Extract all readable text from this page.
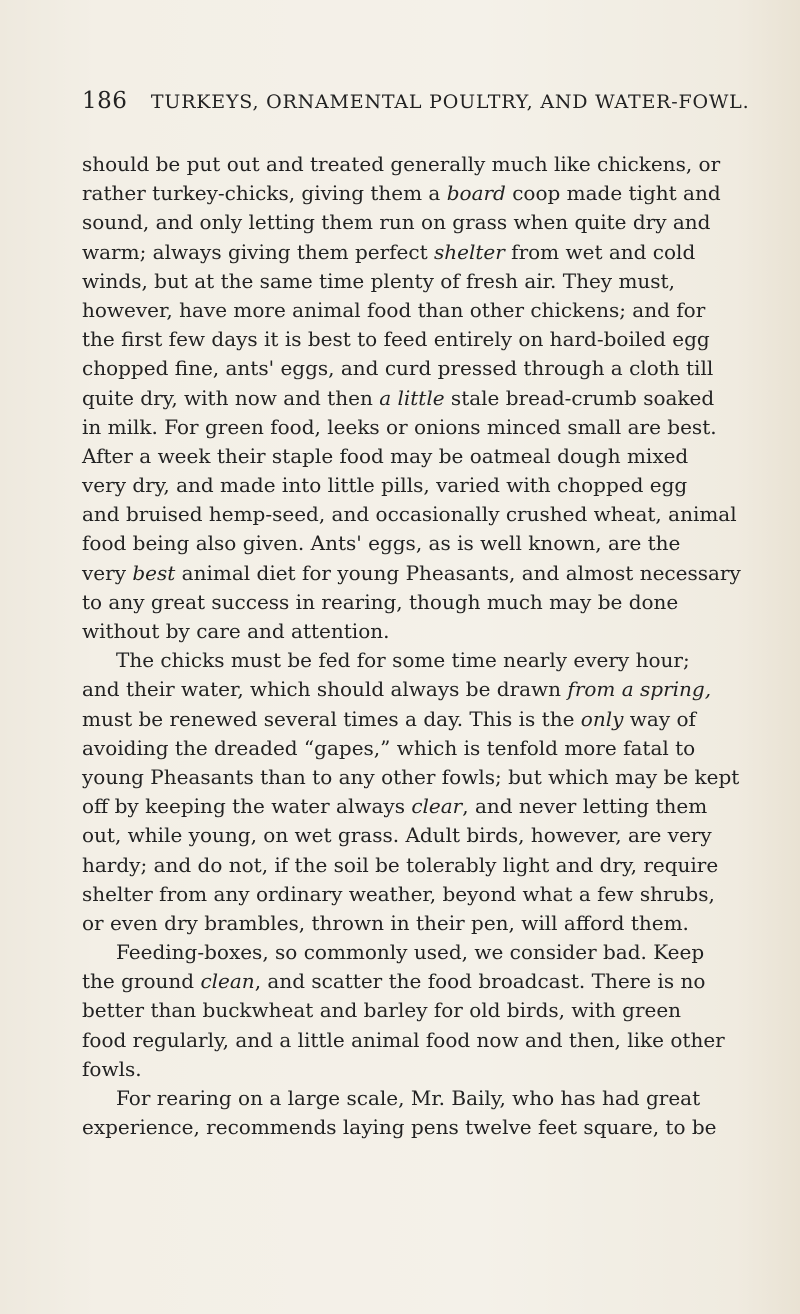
186 TURKEYS, ORNAMENTAL POULTRY, AND WATER-FOWL.
should be put out and treated generally much like chickens, or
rather turkey-chicks, giving them a board coop made tight and
sound, and only letting them run on grass when quite dry and
warm; always giving them perfect shelter from wet and cold
winds, but at the same time plenty of fresh air. They must,
however, have more animal food than other chickens; and for
the first few days it is best to feed entirely on hard-boiled egg
chopped fine, ants' eggs, and curd pressed through a cloth till
quite dry, with now and then a little stale bread-crumb soaked
in milk. For green food, leeks or onions minced small are best.
After a week their staple food may be oatmeal dough mixed
very dry, and made into little pills, varied with chopped egg
and bruised hemp-seed, and occasionally crushed wheat, animal
food being also given. Ants' eggs, as is well known, are the
very best animal diet for young Pheasants, and almost necessary
to any great success in rearing, though much may be done
without by care and attention.
The chicks must be fed for some time nearly every hour;
and their water, which should always be drawn from a spring,
must be renewed several times a day. This is the only way of
avoiding the dreaded “gapes,” which is tenfold more fatal to
young Pheasants than to any other fowls; but which may be kept
off by keeping the water always clear, and never letting them
out, while young, on wet grass. Adult birds, however, are very
hardy; and do not, if the soil be tolerably light and dry, require
shelter from any ordinary weather, beyond what a few shrubs,
or even dry brambles, thrown in their pen, will afford them.
Feeding-boxes, so commonly used, we consider bad. Keep
the ground clean, and scatter the food broadcast. There is no
better than buckwheat and barley for old birds, with green
food regularly, and a little animal food now and then, like other
fowls.
For rearing on a large scale, Mr. Baily, who has had great
experience, recommends laying pens twelve feet square, to be
